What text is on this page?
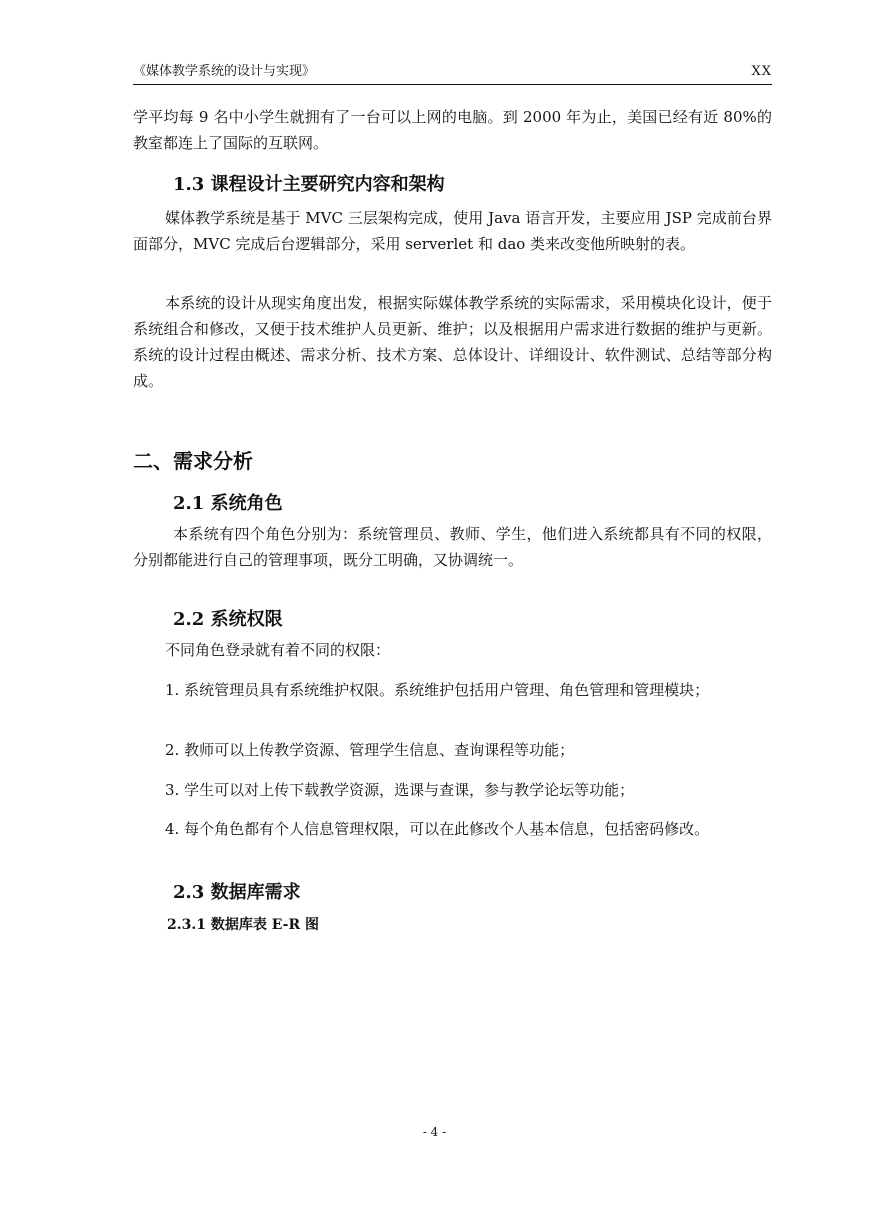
《媒体教学系统的设计与实现》	XX

学平均每 9 名中小学生就拥有了一台可以上网的电脑。到 2000 年为止，美国已经有近 80%的教室都连上了国际的互联网。

1.3 课程设计主要研究内容和架构

媒体教学系统是基于 MVC 三层架构完成，使用 Java 语言开发，主要应用 JSP 完成前台界面部分，MVC 完成后台逻辑部分，采用 serverlet 和 dao 类来改变他所映射的表。

本系统的设计从现实角度出发，根据实际媒体教学系统的实际需求，采用模块化设计，便于系统组合和修改，又便于技术维护人员更新、维护；以及根据用户需求进行数据的维护与更新。系统的设计过程由概述、需求分析、技术方案、总体设计、详细设计、软件测试、总结等部分构成。

二、需求分析
2.1 系统角色

本系统有四个角色分别为：系统管理员、教师、学生，他们进入系统都具有不同的权限，分别都能进行自己的管理事项，既分工明确，又协调统一。

2.2 系统权限

不同角色登录就有着不同的权限：

1. 系统管理员具有系统维护权限。系统维护包括用户管理、角色管理和管理模块；

2. 教师可以上传教学资源、管理学生信息、查询课程等功能；

3. 学生可以对上传下载教学资源，选课与查课，参与教学论坛等功能；

4. 每个角色都有个人信息管理权限，可以在此修改个人基本信息，包括密码修改。

2.3 数据库需求
2.3.1 数据库表 E-R 图
- 4 -
